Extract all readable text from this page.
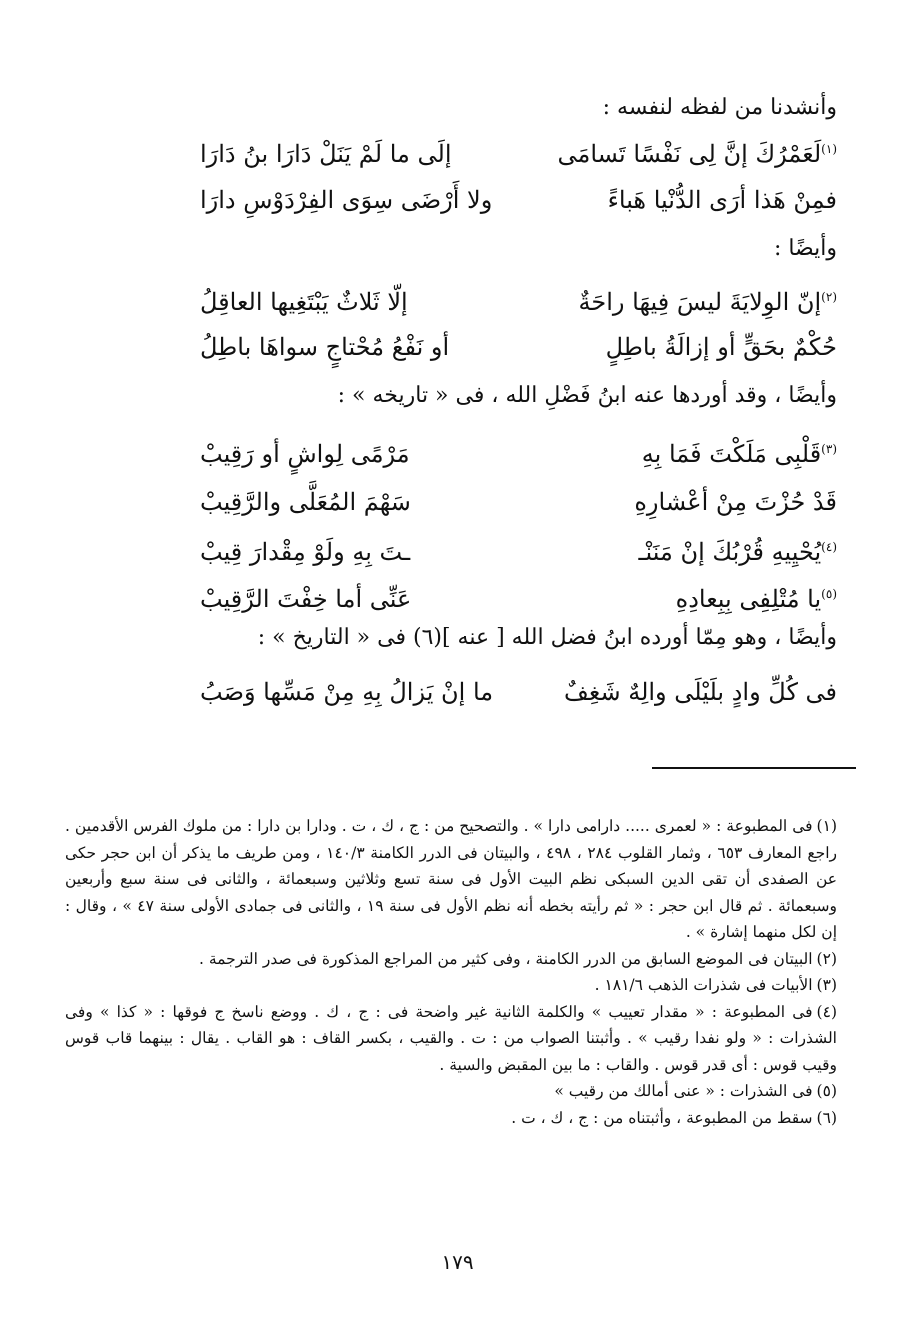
وأنشدنا من لفظه لنفسه :
$^{(١)}$لَعَمْرُكَ إنَّ لِى نَفْسًا تَسامَى
إلَى ما لَمْ يَنَلْ دَارَا بنُ دَارَا
فمِنْ هَذا أرَى الدُّنْيا هَباءً
ولا أَرْضَى سِوَى الفِرْدَوْسِ دارَا
وأيضًا :
$^{(٢)}$إنّ الوِلايَةَ ليسَ فِيهَا راحَةٌ
إلّا ثَلاثٌ يَبْتَغِيها العاقِلُ
حُكْمٌ بحَقٍّ أو إزالَةُ باطِلٍ
أو نَفْعُ مُحْتاجٍ سواهَا باطِلُ
وأيضًا ، وقد أوردها عنه ابنُ فَضْلِ الله ، فى « تاريخه » :
$^{(٣)}$قَلْبِى مَلَكْتَ فَمَا بِهِ
مَرْمًى لِواشٍ أو رَقِيبْ
قَدْ حُزْتَ مِنْ أعْشارِهِ
سَهْمَ المُعَلَّى والرَّقِيبْ
$^{(٤)}$يُحْيِيهِ قُرْبُكَ إنْ مَنَنْـ
ـتَ بِهِ ولَوْ مِقْدارَ قِيبْ
$^{(٥)}$يا مُتْلِفِى بِبِعادِهِ
عَنِّى أما خِفْتَ الرَّقِيبْ
وأيضًا ، وهو مِمّا أورده ابنُ فضل الله [ عنه ](٦) فى « التاريخ » :
فى كُلِّ وادٍ بلَيْلَى والِهٌ شَغِفٌ
ما إنْ يَزالُ بِهِ مِنْ مَسِّها وَصَبُ
(١)فى المطبوعة : « لعمرى ..... دارامى دارا » . والتصحيح من : ج ، ك ، ت . ودارا بن دارا : من ملوك الفرس الأقدمين . راجع المعارف ٦٥٣ ، وثمار القلوب ٢٨٤ ، ٤٩٨ ، والبيتان فى الدرر الكامنة ١٤٠/٣ ، ومن طريف ما يذكر أن ابن حجر حكى عن الصفدى أن تقى الدين السبكى نظم البيت الأول فى سنة تسع وثلاثين وسبعمائة ، والثانى فى سنة سبع وأربعين وسبعمائة . ثم قال ابن حجر : « ثم رأيته بخطه أنه نظم الأول فى سنة ١٩ ، والثانى فى جمادى الأولى سنة ٤٧ » ، وقال : إن لكل منهما إشارة » .
(٢)البيتان فى الموضع السابق من الدرر الكامنة ، وفى كثير من المراجع المذكورة فى صدر الترجمة .
(٣)الأبيات فى شذرات الذهب ١٨١/٦ .
(٤)فى المطبوعة : « مقدار تعييب » والكلمة الثانية غير واضحة فى : ج ، ك . ووضع ناسخ ج فوقها : « كذا » وفى الشذرات : « ولو نفدا رقيب » . وأثبتنا الصواب من : ت . والقيب ، بكسر القاف : هو القاب . يقال : بينهما قاب قوس وقيب قوس : أى قدر قوس . والقاب : ما بين المقبض والسية .
(٥)فى الشذرات : « عنى أمالك من رقيب »
(٦)سقط من المطبوعة ، وأثبتناه من : ج ، ك ، ت .
١٧٩
